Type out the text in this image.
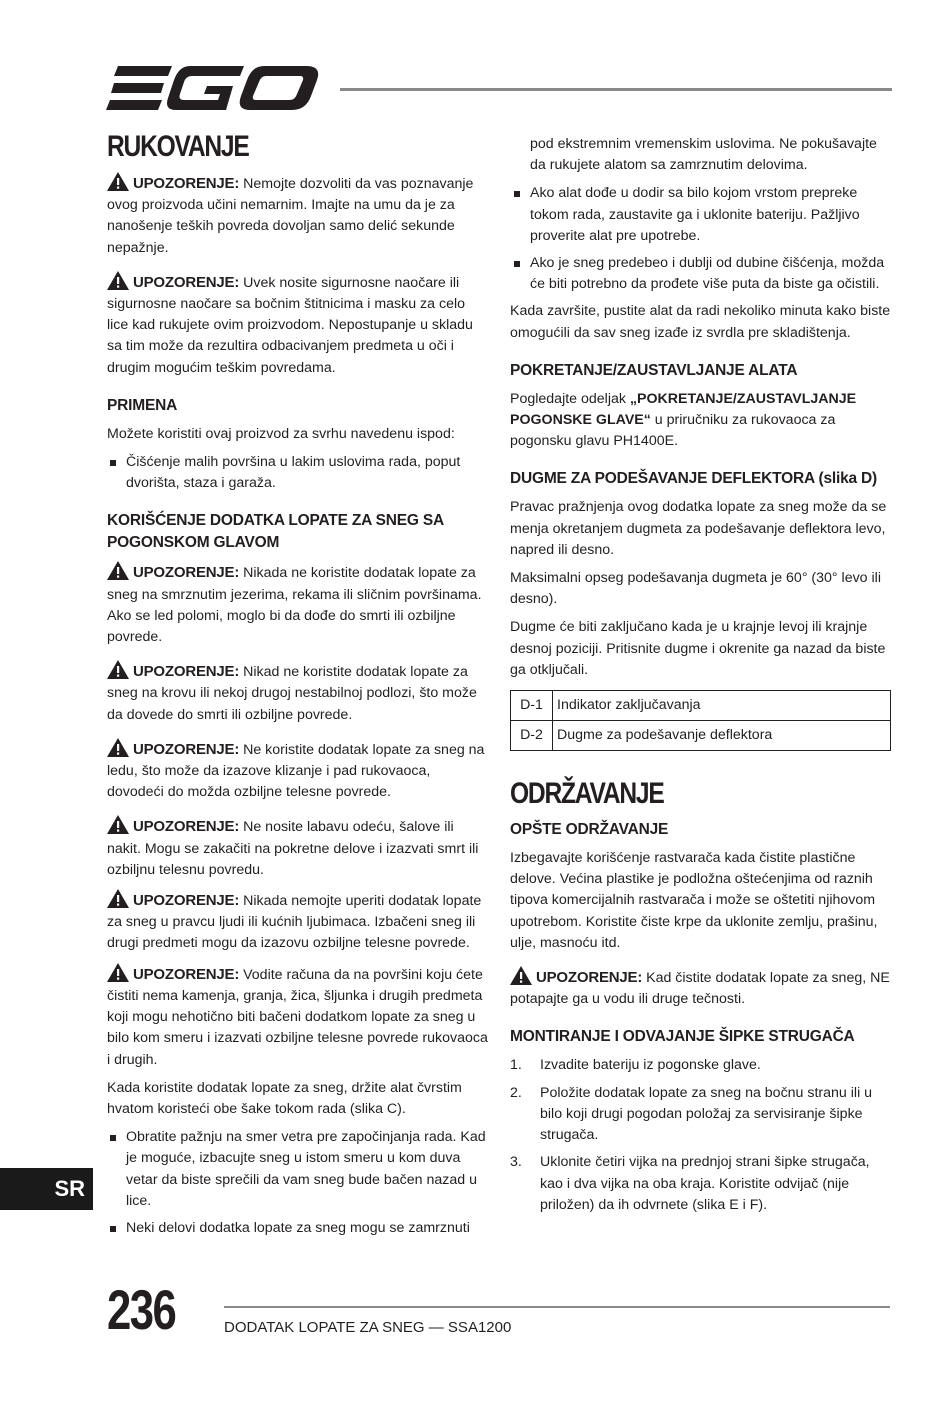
RUKOVANJE

UPOZORENJE: Nemojte dozvoliti da vas poznavanje ovog proizvoda učini nemarnim. Imajte na umu da je za nanošenje teških povreda dovoljan samo delić sekunde nepažnje.

UPOZORENJE: Uvek nosite sigurnosne naočare ili sigurnosne naočare sa bočnim štitnicima i masku za celo lice kad rukujete ovim proizvodom. Nepostupanje u skladu sa tim može da rezultira odbacivanjem predmeta u oči i drugim mogućim teškim povredama.

PRIMENA

Možete koristiti ovaj proizvod za svrhu navedenu ispod:

Čišćenje malih površina u lakim uslovima rada, poput dvorišta, staza i garaža.
KORIŠĆENJE DODATKA LOPATE ZA SNEG SA POGONSKOM GLAVOM

UPOZORENJE: Nikada ne koristite dodatak lopate za sneg na smrznutim jezerima, rekama ili sličnim površinama. Ako se led polomi, moglo bi da dođe do smrti ili ozbiljne povrede.

UPOZORENJE: Nikad ne koristite dodatak lopate za sneg na krovu ili nekoj drugoj nestabilnoj podlozi, što može da dovede do smrti ili ozbiljne povrede.

UPOZORENJE: Ne koristite dodatak lopate za sneg na ledu, što može da izazove klizanje i pad rukovaoca, dovodeći do možda ozbiljne telesne povrede.

UPOZORENJE: Ne nosite labavu odeću, šalove ili nakit. Mogu se zakačiti na pokretne delove i izazvati smrt ili ozbiljnu telesnu povredu.

UPOZORENJE: Nikada nemojte uperiti dodatak lopate za sneg u pravcu ljudi ili kućnih ljubimaca. Izbačeni sneg ili drugi predmeti mogu da izazovu ozbiljne telesne povrede.

UPOZORENJE: Vodite računa da na površini koju ćete čistiti nema kamenja, granja, žica, šljunka i drugih predmeta koji mogu nehotično biti bačeni dodatkom lopate za sneg u bilo kom smeru i izazvati ozbiljne telesne povrede rukovaoca i drugih.

Kada koristite dodatak lopate za sneg, držite alat čvrstim hvatom koristeći obe šake tokom rada (slika C).

Obratite pažnju na smer vetra pre započinjanja rada. Kad je moguće, izbacujte sneg u istom smeru u kom duva vetar da biste sprečili da vam sneg bude bačen nazad u lice.
Neki delovi dodatka lopate za sneg mogu se zamrznuti

pod ekstremnim vremenskim uslovima. Ne pokušavajte da rukujete alatom sa zamrznutim delovima.

Ako alat dođe u dodir sa bilo kojom vrstom prepreke tokom rada, zaustavite ga i uklonite bateriju. Pažljivo proverite alat pre upotrebe.
Ako je sneg predebeo i dublji od dubine čišćenja, možda će biti potrebno da prođete više puta da biste ga očistili.

Kada završite, pustite alat da radi nekoliko minuta kako biste omogućili da sav sneg izađe iz svrdla pre skladištenja.

POKRETANJE/ZAUSTAVLJANJE ALATA

Pogledajte odeljak „POKRETANJE/ZAUSTAVLJANJE POGONSKE GLAVE“ u priručniku za rukovaoca za pogonsku glavu PH1400E.

DUGME ZA PODEŠAVANJE DEFLEKTORA (slika D)

Pravac pražnjenja ovog dodatka lopate za sneg može da se menja okretanjem dugmeta za podešavanje deflektora levo, napred ili desno.

Maksimalni opseg podešavanja dugmeta je 60° (30° levo ili desno).

Dugme će biti zaključano kada je u krajnje levoj ili krajnje desnoj poziciji. Pritisnite dugme i okrenite ga nazad da biste ga otključali.

D-1	Indikator zaključavanja
D-2	Dugme za podešavanje deflektora
ODRŽAVANJE
OPŠTE ODRŽAVANJE

Izbegavajte korišćenje rastvarača kada čistite plastične delove. Većina plastike je podložna oštećenjima od raznih tipova komercijalnih rastvarača i može se oštetiti njihovom upotrebom. Koristite čiste krpe da uklonite zemlju, prašinu, ulje, masnoću itd.

UPOZORENJE: Kad čistite dodatak lopate za sneg, NE potapajte ga u vodu ili druge tečnosti.

MONTIRANJE I ODVAJANJE ŠIPKE STRUGAČA
1. Izvadite bateriju iz pogonske glave.
2. Položite dodatak lopate za sneg na bočnu stranu ili u bilo koji drugi pogodan položaj za servisiranje šipke strugača.
3. Uklonite četiri vijka na prednjoj strani šipke strugača, kao i dva vijka na oba kraja. Koristite odvijač (nije priložen) da ih odvrnete (slika E i F).
SR
236	DODATAK LOPATE ZA SNEG — SSA1200
